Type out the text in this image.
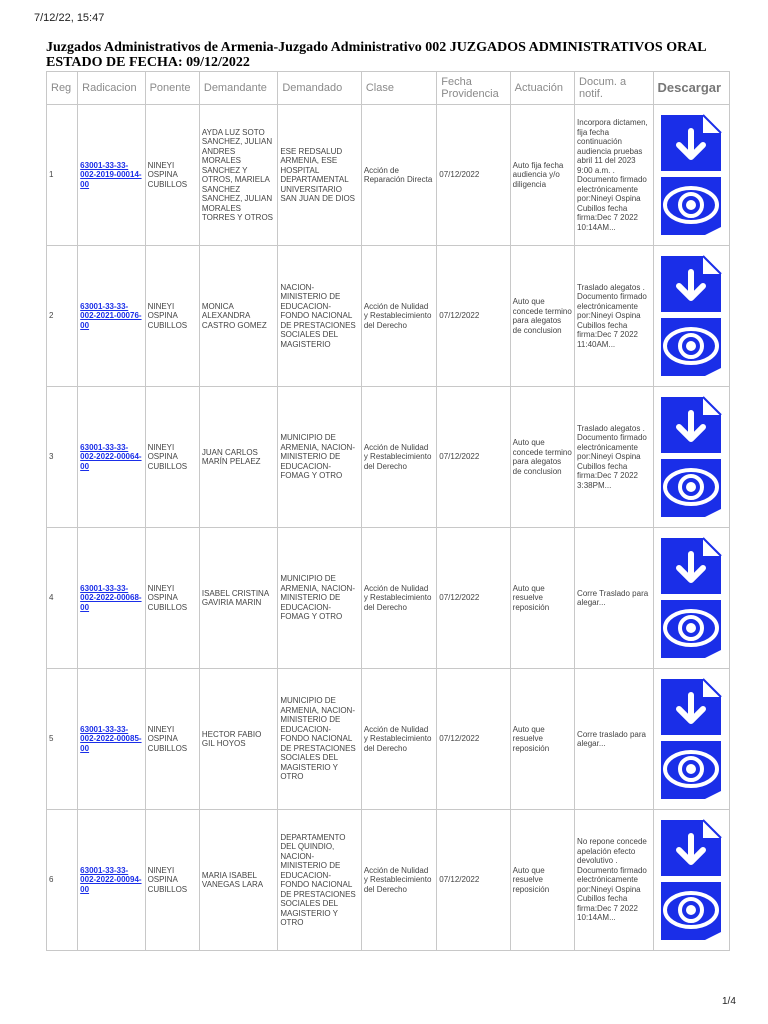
7/12/22, 15:47
Juzgados Administrativos de Armenia-Juzgado Administrativo 002 JUZGADOS ADMINISTRATIVOS ORAL
ESTADO DE FECHA: 09/12/2022
Reg	Radicacion	Ponente	Demandante	Demandado	Clase	Fecha Providencia	Actuación	Docum. a notif.	Descargar
1	63001-33-33-002-2019-00014-00	NINEYI OSPINA CUBILLOS	AYDA LUZ SOTO SANCHEZ, JULIAN ANDRES MORALES SANCHEZ Y OTROS, MARIELA SANCHEZ SANCHEZ, JULIAN MORALES TORRES Y OTROS	ESE REDSALUD ARMENIA, ESE HOSPITAL DEPARTAMENTAL UNIVERSITARIO SAN JUAN DE DIOS	Acción de Reparación Directa	07/12/2022	Auto fija fecha audiencia y/o diligencia	Incorpora dictamen, fija fecha continuación audiencia pruebas abril 11 del 2023 9:00 a.m. . Documento firmado electrónicamente por:Nineyi Ospina Cubillos fecha firma:Dec 7 2022 10:14AM...	

2	63001-33-33-002-2021-00076-00	NINEYI OSPINA CUBILLOS	MONICA ALEXANDRA CASTRO GOMEZ	NACION-MINISTERIO DE EDUCACION-FONDO NACIONAL DE PRESTACIONES SOCIALES DEL MAGISTERIO	Acción de Nulidad y Restablecimiento del Derecho	07/12/2022	Auto que concede termino para alegatos de conclusion	Traslado alegatos . Documento firmado electrónicamente por:Nineyi Ospina Cubillos fecha firma:Dec 7 2022 11:40AM...	

3	63001-33-33-002-2022-00064-00	NINEYI OSPINA CUBILLOS	JUAN CARLOS MARÍN PELAEZ	MUNICIPIO DE ARMENIA, NACION-MINISTERIO DE EDUCACION-FOMAG Y OTRO	Acción de Nulidad y Restablecimiento del Derecho	07/12/2022	Auto que concede termino para alegatos de conclusion	Traslado alegatos . Documento firmado electrónicamente por:Nineyi Ospina Cubillos fecha firma:Dec 7 2022 3:38PM...	

4	63001-33-33-002-2022-00068-00	NINEYI OSPINA CUBILLOS	ISABEL CRISTINA GAVIRIA MARIN	MUNICIPIO DE ARMENIA, NACION-MINISTERIO DE EDUCACION-FOMAG Y OTRO	Acción de Nulidad y Restablecimiento del Derecho	07/12/2022	Auto que resuelve reposición	Corre Traslado para alegar...	

5	63001-33-33-002-2022-00085-00	NINEYI OSPINA CUBILLOS	HECTOR FABIO GIL HOYOS	MUNICIPIO DE ARMENIA, NACION-MINISTERIO DE EDUCACION-FONDO NACIONAL DE PRESTACIONES SOCIALES DEL MAGISTERIO Y OTRO	Acción de Nulidad y Restablecimiento del Derecho	07/12/2022	Auto que resuelve reposición	Corre traslado para alegar...	

6	63001-33-33-002-2022-00094-00	NINEYI OSPINA CUBILLOS	MARIA ISABEL VANEGAS LARA	DEPARTAMENTO DEL QUINDIO, NACION-MINISTERIO DE EDUCACION-FONDO NACIONAL DE PRESTACIONES SOCIALES DEL MAGISTERIO Y OTRO	Acción de Nulidad y Restablecimiento del Derecho	07/12/2022	Auto que resuelve reposición	No repone concede apelación efecto devolutivo . Documento firmado electrónicamente por:Nineyi Ospina Cubillos fecha firma:Dec 7 2022 10:14AM...	
1/4
